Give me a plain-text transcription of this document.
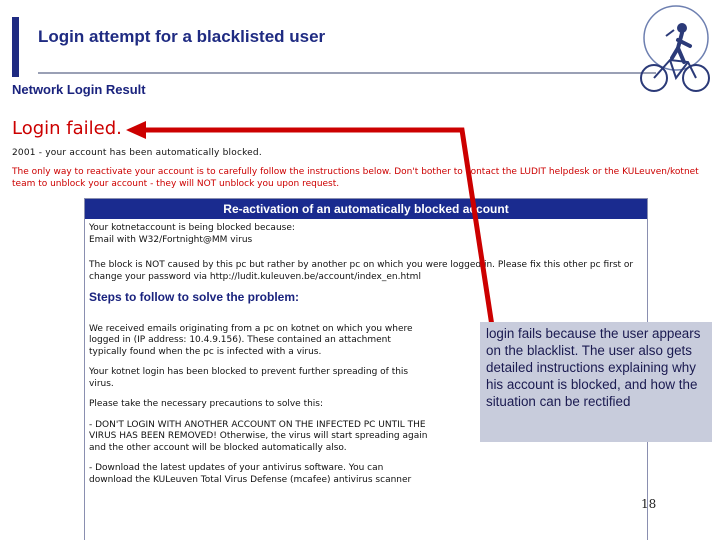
Login attempt for a blacklisted user
Network Login Result
Login failed.
2001 - your account has been automatically blocked.
The only way to reactivate your account is to carefully follow the instructions below. Don't bother to contact the LUDIT helpdesk or the KULeuven/kotnet team to unblock your account - they will NOT unblock you upon request.
Re-activation of an automatically blocked account

Your kotnetaccount is being blocked because:
Email with W32/Fortnight@MM virus

The block is NOT caused by this pc but rather by another pc on which you were logged in. Please fix this other pc first or change your password via http://ludit.kuleuven.be/account/index_en.html

Steps to follow to solve the problem:

We received emails originating from a pc on kotnet on which you where logged in (IP address: 10.4.9.156). These contained an attachment typically found when the pc is infected with a virus.

Your kotnet login has been blocked to prevent further spreading of this virus.

Please take the necessary precautions to solve this:

- DON'T LOGIN WITH ANOTHER ACCOUNT ON THE INFECTED PC UNTIL THE VIRUS HAS BEEN REMOVED! Otherwise, the virus will start spreading again and the other account will be blocked automatically also.

- Download the latest updates of your antivirus software. You can download the KULeuven Total Virus Defense (mcafee) antivirus scanner

login fails because the user appears on the blacklist. The user also gets detailed instructions explaining why his account is blocked, and how the situation can be rectified
18
